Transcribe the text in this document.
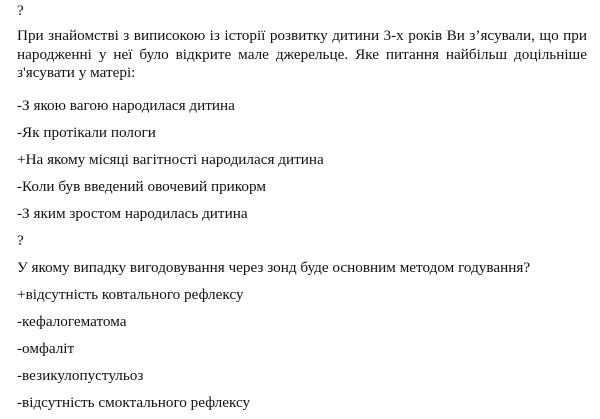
?
При знайомстві з виписокою із історії розвитку дитини 3-х років Ви з’ясували, що при
народженні у неї було відкрите мале джерельце. Яке питання найбільш доцільніше
з'ясувати у матері:
-З якою вагою народилася дитина
-Як протікали пологи
+На якому місяці вагітності народилася дитина
-Коли був введений овочевий прикорм
-З яким зростом народилась дитина
?
У якому випадку вигодовування через зонд буде основним методом годування?
+відсутність ковтального рефлексу
-кефалогематома
-омфаліт
-везикулопустульоз
-відсутність смоктального рефлексу
